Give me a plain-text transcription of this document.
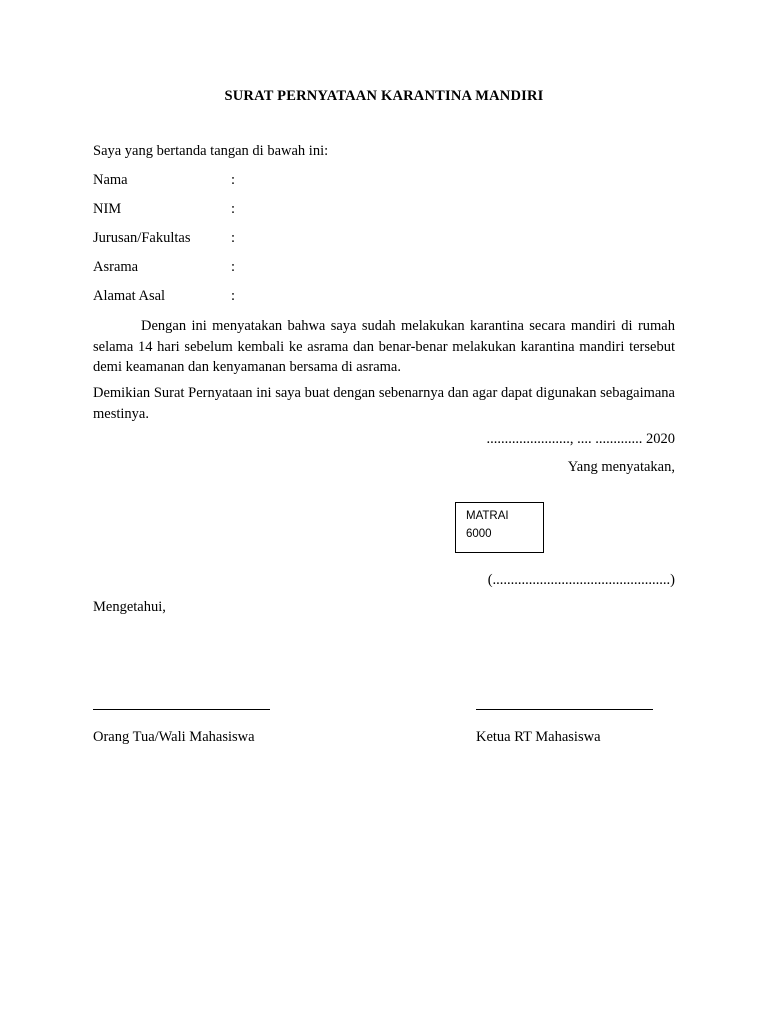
SURAT PERNYATAAN KARANTINA MANDIRI
Saya yang bertanda tangan di bawah ini:
Nama	:
NIM	:
Jurusan/Fakultas	:
Asrama	:
Alamat Asal	:
Dengan ini menyatakan bahwa saya sudah melakukan karantina secara mandiri di rumah selama 14 hari sebelum kembali ke asrama dan benar-benar melakukan karantina mandiri tersebut demi keamanan dan kenyamanan bersama di asrama.
Demikian Surat Pernyataan ini saya buat dengan sebenarnya dan agar dapat digunakan sebagaimana mestinya.
......................., .... ............. 2020
Yang menyatakan,
MATRAI
6000
(.................................................)
Mengetahui,
Orang Tua/Wali Mahasiswa	Ketua RT Mahasiswa
